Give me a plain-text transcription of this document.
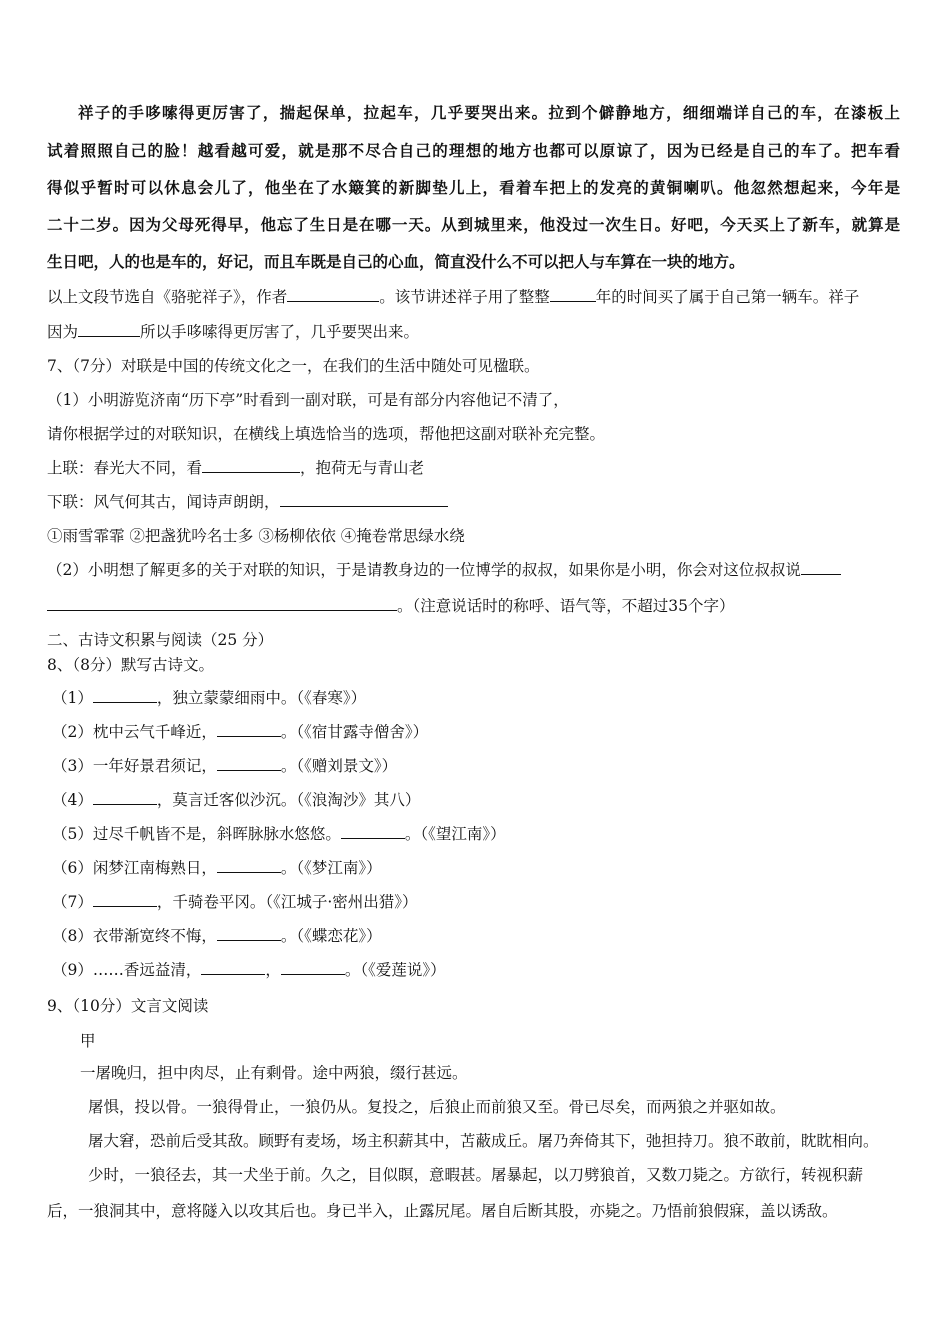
祥子的手哆嗦得更厉害了，揣起保单，拉起车，几乎要哭出来。拉到个僻静地方，细细端详自己的车，在漆板上
试着照照自己的脸！越看越可爱，就是那不尽合自己的理想的地方也都可以原谅了，因为已经是自己的车了。把车看
得似乎暂时可以休息会儿了，他坐在了水簸箕的新脚垫儿上，看着车把上的发亮的黄铜喇叭。他忽然想起来，今年是
二十二岁。因为父母死得早，他忘了生日是在哪一天。从到城里来，他没过一次生日。好吧，今天买上了新车，就算是
生日吧，人的也是车的，好记，而且车既是自己的心血，简直没什么不可以把人与车算在一块的地方。
以上文段节选自《骆驼祥子》，作者	。该节讲述祥子用了整整	年的时间买了属于自己第一辆车。祥子
因为	所以手哆嗦得更厉害了，几乎要哭出来。
7、（7分）对联是中国的传统文化之一，在我们的生活中随处可见楹联。
（1）小明游览济南“历下亭”时看到一副对联，可是有部分内容他记不清了，
请你根据学过的对联知识，在横线上填选恰当的选项，帮他把这副对联补充完整。
上联：春光大不同，看	，抱荷无与青山老
下联：风气何其古，闻诗声朗朗，
①雨雪霏霏 ②把盏犹吟名士多 ③杨柳依依 ④掩卷常思绿水绕
（2）小明想了解更多的关于对联的知识，于是请教身边的一位博学的叔叔，如果你是小明，你会对这位叔叔说
。（注意说话时的称呼、语气等，不超过35个字）
二、古诗文积累与阅读（25 分）
8、（8分）默写古诗文。
（1）	，独立蒙蒙细雨中。（《春寒》）
（2）枕中云气千峰近，	。（《宿甘露寺僧舍》）
（3）一年好景君须记，	。（《赠刘景文》）
（4）	，莫言迁客似沙沉。（《浪淘沙》其八）
（5）过尽千帆皆不是，斜晖脉脉水悠悠。	。（《望江南》）
（6）闲梦江南梅熟日，	。（《梦江南》）
（7）	，千骑卷平冈。（《江城子·密州出猎》）
（8）衣带渐宽终不悔，	。（《蝶恋花》）
（9）……香远益清，	，	。（《爱莲说》）
9、（10分）文言文阅读
甲
一屠晚归，担中肉尽，止有剩骨。途中两狼，缀行甚远。
屠惧，投以骨。一狼得骨止，一狼仍从。复投之，后狼止而前狼又至。骨已尽矣，而两狼之并驱如故。
屠大窘，恐前后受其敌。顾野有麦场，场主积薪其中，苫蔽成丘。屠乃奔倚其下，弛担持刀。狼不敢前，眈眈相向。
少时，一狼径去，其一犬坐于前。久之，目似瞑，意暇甚。屠暴起，以刀劈狼首，又数刀毙之。方欲行，转视积薪
后，一狼洞其中，意将隧入以攻其后也。身已半入，止露尻尾。屠自后断其股，亦毙之。乃悟前狼假寐，盖以诱敌。
